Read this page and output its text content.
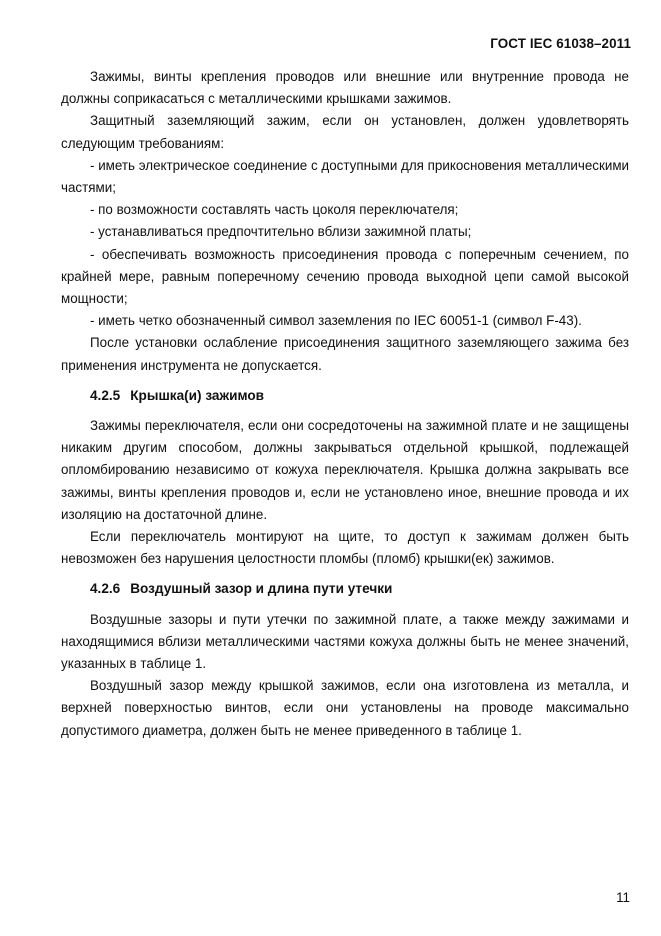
ГОСТ IEC 61038–2011

Зажимы, винты крепления проводов или внешние или внутренние провода не должны соприкасаться с металлическими крышками зажимов.

Защитный заземляющий зажим, если он установлен, должен удовлетворять следующим требованиям:

- иметь электрическое соединение с доступными для прикосновения металлическими частями;

- по возможности составлять часть цоколя переключателя;

- устанавливаться предпочтительно вблизи зажимной платы;

- обеспечивать возможность присоединения провода с поперечным сечением, по крайней мере, равным поперечному сечению провода выходной цепи самой высокой мощности;

- иметь четко обозначенный символ заземления по IEC 60051-1 (символ F-43).

После установки ослабление присоединения защитного заземляющего зажима без применения инструмента не допускается.

4.2.5 Крышка(и) зажимов

Зажимы переключателя, если они сосредоточены на зажимной плате и не защищены никаким другим способом, должны закрываться отдельной крышкой, подлежащей опломбированию независимо от кожуха переключателя. Крышка должна закрывать все зажимы, винты крепления проводов и, если не установлено иное, внешние провода и их изоляцию на достаточной длине.

Если переключатель монтируют на щите, то доступ к зажимам должен быть невозможен без нарушения целостности пломбы (пломб) крышки(ек) зажимов.

4.2.6 Воздушный зазор и длина пути утечки

Воздушные зазоры и пути утечки по зажимной плате, а также между зажимами и находящимися вблизи металлическими частями кожуха должны быть не менее значений, указанных в таблице 1.

Воздушный зазор между крышкой зажимов, если она изготовлена из металла, и верхней поверхностью винтов, если они установлены на проводе максимально допустимого диаметра, должен быть не менее приведенного в таблице 1.

11
